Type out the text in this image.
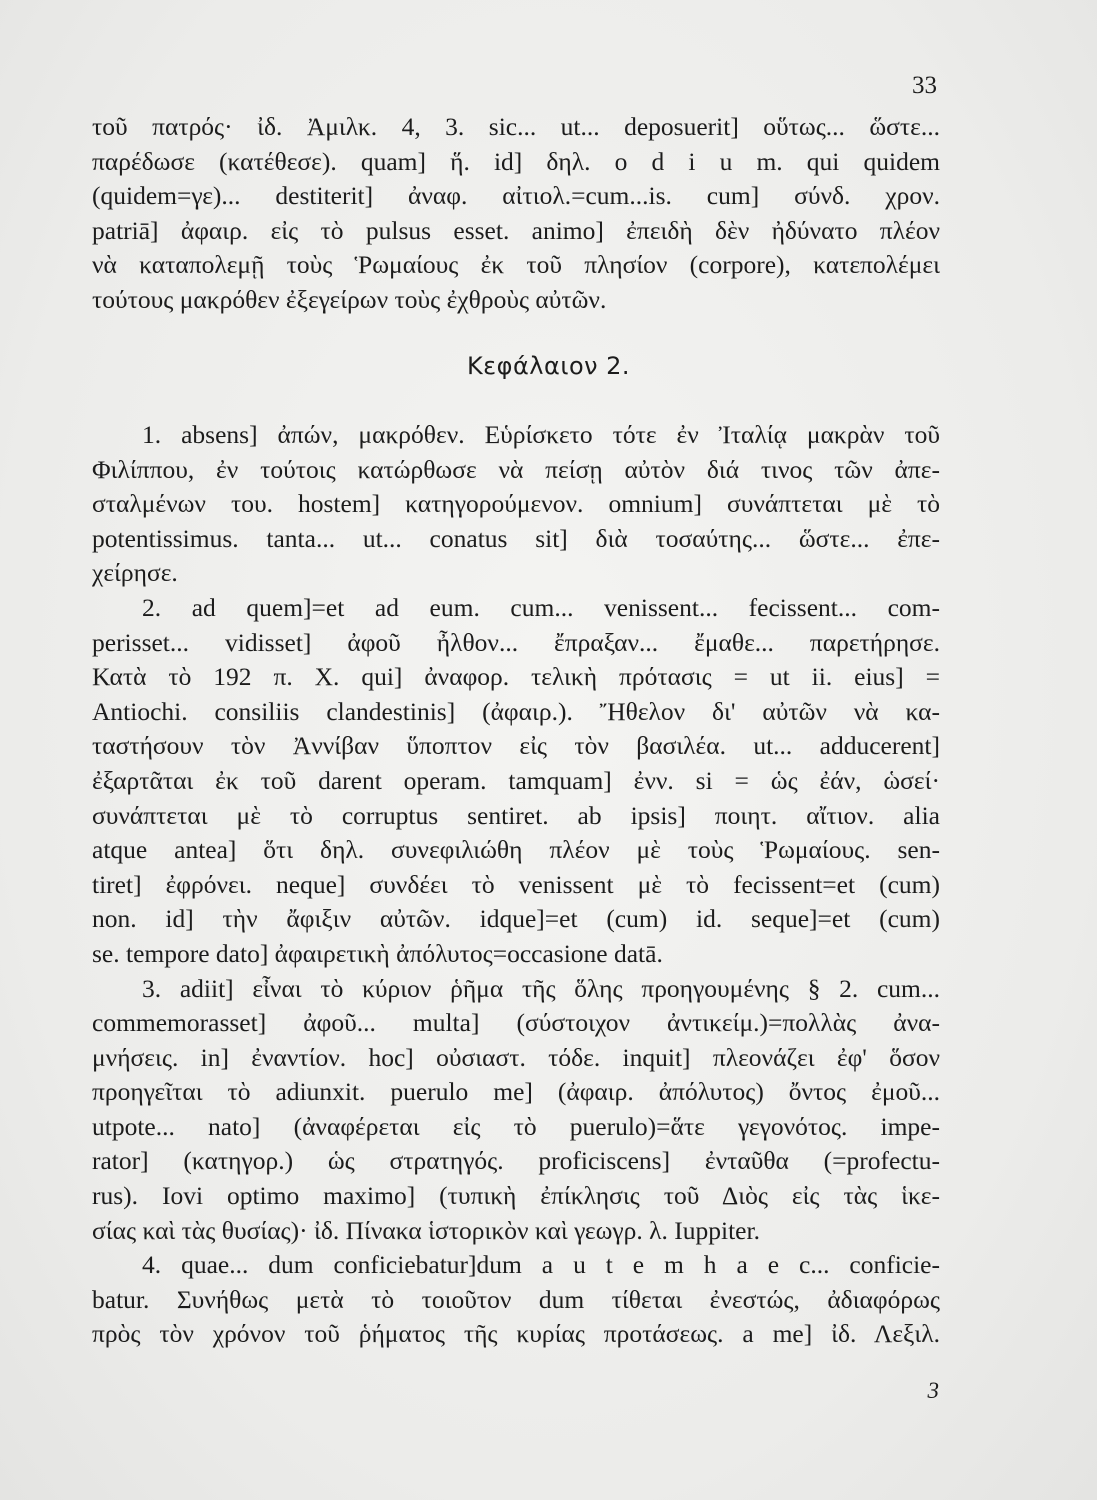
33
τοῦ πατρός· ἰδ. Ἀμιλκ. 4, 3. sic... ut... deposuerit] οὕτως... ὥστε...
παρέδωσε (κατέθεσε). quam] ἥ. id] δηλ. o d i u m. qui quidem
(quidem=γε)... destiterit] ἀναφ. αἰτιολ.=cum...is. cum] σύνδ. χρον.
patriā] ἀφαιρ. εἰς τὸ pulsus esset. animo] ἐπειδὴ δὲν ἠδύνατο πλέον
νὰ καταπολεμῇ τοὺς Ῥωμαίους ἐκ τοῦ πλησίον (corpore), κατεπολέμει
τούτους μακρόθεν ἐξεγείρων τοὺς ἐχθροὺς αὐτῶν.
Κεφάλαιον 2.
1. absens] ἀπών, μακρόθεν. Εὑρίσκετο τότε ἐν Ἰταλίᾳ μακρὰν τοῦ
Φιλίππου, ἐν τούτοις κατώρθωσε νὰ πείσῃ αὐτὸν διά τινος τῶν ἀπε-
σταλμένων του. hostem] κατηγορούμενον. omnium] συνάπτεται μὲ τὸ
potentissimus. tanta... ut... conatus sit] διὰ τοσαύτης... ὥστε... ἐπε-
χείρησε.
2. ad quem]=et ad eum. cum... venissent... fecissent... com-
perisset... vidisset] ἀφοῦ ἦλθον... ἔπραξαν... ἔμαθε... παρετήρησε.
Κατὰ τὸ 192 π. Χ. qui] ἀναφορ. τελικὴ πρότασις = ut ii. eius] =
Antiochi. consiliis clandestinis] (ἀφαιρ.). Ἤθελον δι' αὐτῶν νὰ κα-
ταστήσουν τὸν Ἀννίβαν ὕποπτον εἰς τὸν βασιλέα. ut... adducerent]
ἐξαρτᾶται ἐκ τοῦ darent operam. tamquam] ἐνν. si = ὡς ἐάν, ὡσεί·
συνάπτεται μὲ τὸ corruptus sentiret. ab ipsis] ποιητ. αἴτιον. alia
atque antea] ὅτι δηλ. συνεφιλιώθη πλέον μὲ τοὺς Ῥωμαίους. sen-
tiret] ἐφρόνει. neque] συνδέει τὸ venissent μὲ τὸ fecissent=et (cum)
non. id] τὴν ἄφιξιν αὐτῶν. idque]=et (cum) id. seque]=et (cum)
se. tempore dato] ἀφαιρετικὴ ἀπόλυτος=occasione datā.
3. adiit] εἶναι τὸ κύριον ῥῆμα τῆς ὅλης προηγουμένης § 2. cum...
commemorasset] ἀφοῦ... multa] (σύστοιχον ἀντικείμ.)=πολλὰς ἀνα-
μνήσεις. in] ἐναντίον. hoc] οὐσιαστ. τόδε. inquit] πλεονάζει ἐφ' ὅσον
προηγεῖται τὸ adiunxit. puerulo me] (ἀφαιρ. ἀπόλυτος) ὄντος ἐμοῦ...
utpote... nato] (ἀναφέρεται εἰς τὸ puerulo)=ἅτε γεγονότος. impe-
rator] (κατηγορ.) ὡς στρατηγός. proficiscens] ἐνταῦθα (=profectu-
rus). Iovi optimo maximo] (τυπικὴ ἐπίκλησις τοῦ Διὸς εἰς τὰς ἱκε-
σίας καὶ τὰς θυσίας)· ἰδ. Πίνακα ἱστορικὸν καὶ γεωγρ. λ. Iuppiter.
4. quae... dum conficiebatur]dum a u t e m h a e c... conficie-
batur. Συνήθως μετὰ τὸ τοιοῦτον dum τίθεται ἐνεστώς, ἀδιαφόρως
πρὸς τὸν χρόνον τοῦ ῥήματος τῆς κυρίας προτάσεως. a me] ἰδ. Λεξιλ.
3
